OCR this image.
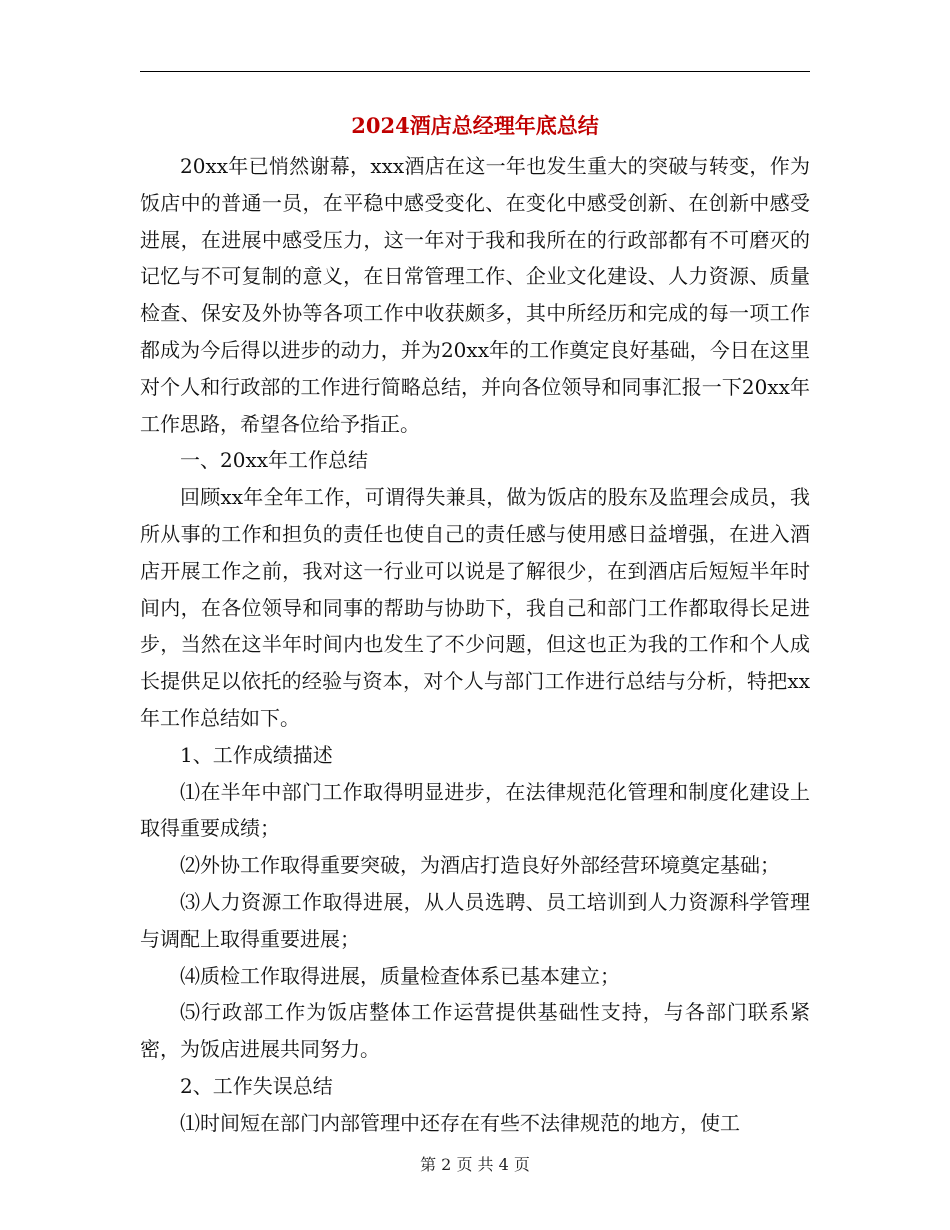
2024酒店总经理年底总结

20xx年已悄然谢幕，xxx酒店在这一年也发生重大的突破与转变，作为饭店中的普通一员，在平稳中感受变化、在变化中感受创新、在创新中感受进展，在进展中感受压力，这一年对于我和我所在的行政部都有不可磨灭的记忆与不可复制的意义，在日常管理工作、企业文化建设、人力资源、质量检查、保安及外协等各项工作中收获颇多，其中所经历和完成的每一项工作都成为今后得以进步的动力，并为20xx年的工作奠定良好基础，今日在这里对个人和行政部的工作进行简略总结，并向各位领导和同事汇报一下20xx年工作思路，希望各位给予指正。

一、20xx年工作总结

回顾xx年全年工作，可谓得失兼具，做为饭店的股东及监理会成员，我所从事的工作和担负的责任也使自己的责任感与使用感日益增强，在进入酒店开展工作之前，我对这一行业可以说是了解很少，在到酒店后短短半年时间内，在各位领导和同事的帮助与协助下，我自己和部门工作都取得长足进步，当然在这半年时间内也发生了不少问题，但这也正为我的工作和个人成长提供足以依托的经验与资本，对个人与部门工作进行总结与分析，特把xx年工作总结如下。

1、工作成绩描述

⑴在半年中部门工作取得明显进步，在法律规范化管理和制度化建设上取得重要成绩；

⑵外协工作取得重要突破，为酒店打造良好外部经营环境奠定基础；

⑶人力资源工作取得进展，从人员选聘、员工培训到人力资源科学管理与调配上取得重要进展；

⑷质检工作取得进展，质量检查体系已基本建立；

⑸行政部工作为饭店整体工作运营提供基础性支持，与各部门联系紧密，为饭店进展共同努力。

2、工作失误总结

⑴时间短在部门内部管理中还存在有些不法律规范的地方，使工

第 2 页 共 4 页
